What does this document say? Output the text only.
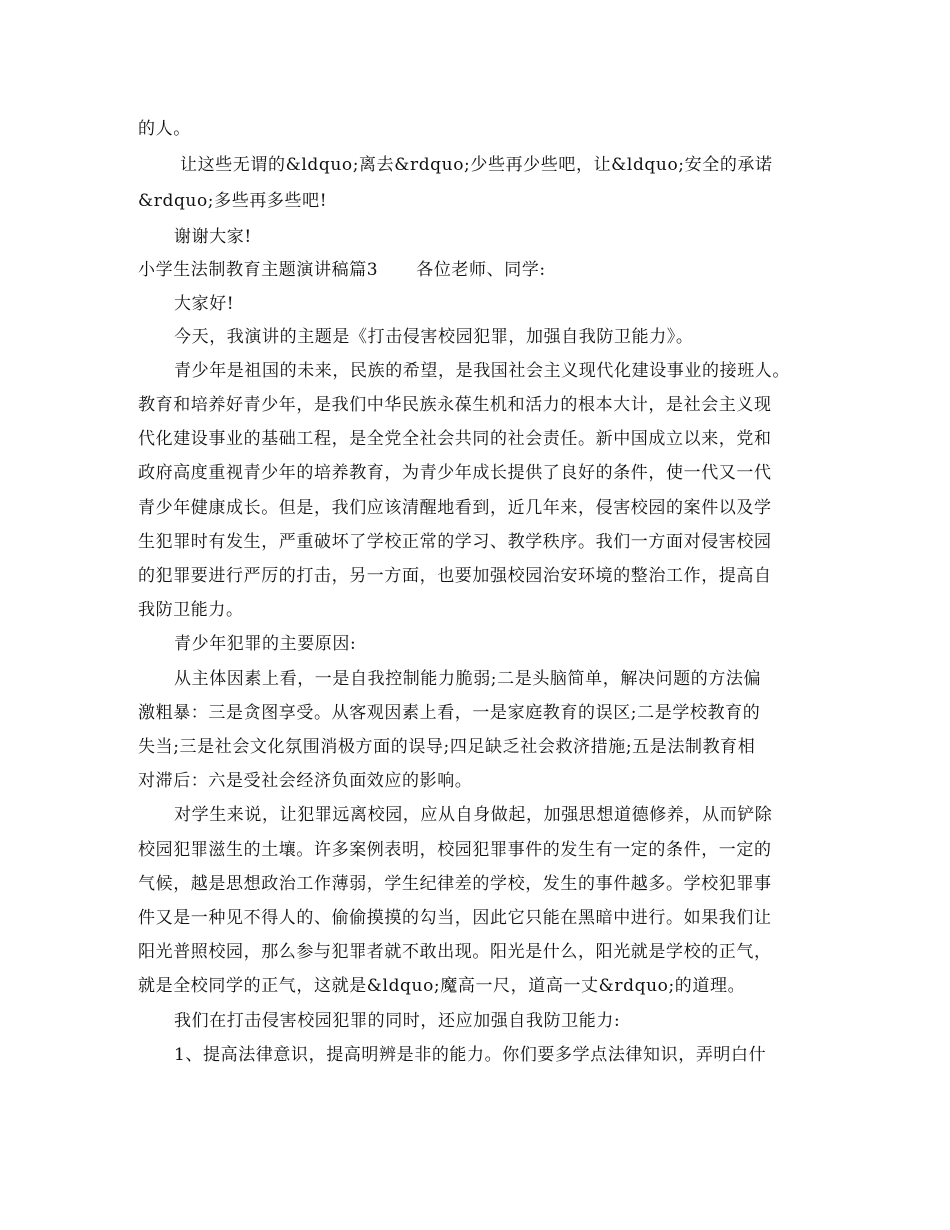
的人。
让这些无谓的&ldquo;离去&rdquo;少些再少些吧，让&ldquo;安全的承诺
&rdquo;多些再多些吧!
谢谢大家!
小学生法制教育主题演讲稿篇3 各位老师、同学:
大家好!
今天，我演讲的主题是《打击侵害校园犯罪，加强自我防卫能力》。
青少年是祖国的未来，民族的希望，是我国社会主义现代化建设事业的接班人。
教育和培养好青少年，是我们中华民族永葆生机和活力的根本大计，是社会主义现
代化建设事业的基础工程，是全党全社会共同的社会责任。新中国成立以来，党和
政府高度重视青少年的培养教育，为青少年成长提供了良好的条件，使一代又一代
青少年健康成长。但是，我们应该清醒地看到，近几年来，侵害校园的案件以及学
生犯罪时有发生，严重破坏了学校正常的学习、教学秩序。我们一方面对侵害校园
的犯罪要进行严厉的打击，另一方面，也要加强校园治安环境的整治工作，提高自
我防卫能力。
青少年犯罪的主要原因:
从主体因素上看，一是自我控制能力脆弱;二是头脑简单，解决问题的方法偏
激粗暴：三是贪图享受。从客观因素上看，一是家庭教育的误区;二是学校教育的
失当;三是社会文化氛围消极方面的误导;四足缺乏社会救济措施;五是法制教育相
对滞后：六是受社会经济负面效应的影响。
对学生来说，让犯罪远离校园，应从自身做起，加强思想道德修养，从而铲除
校园犯罪滋生的土壤。许多案例表明，校园犯罪事件的发生有一定的条件，一定的
气候，越是思想政治工作薄弱，学生纪律差的学校，发生的事件越多。学校犯罪事
件又是一种见不得人的、偷偷摸摸的勾当，因此它只能在黑暗中进行。如果我们让
阳光普照校园，那么参与犯罪者就不敢出现。阳光是什么，阳光就是学校的正气，
就是全校同学的正气，这就是&ldquo;魔高一尺，道高一丈&rdquo;的道理。
我们在打击侵害校园犯罪的同时，还应加强自我防卫能力:
1、提高法律意识，提高明辨是非的能力。你们要多学点法律知识，弄明白什
